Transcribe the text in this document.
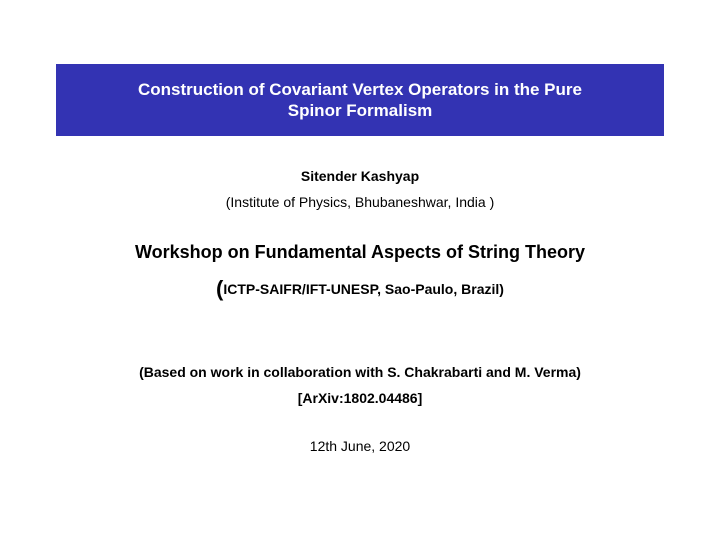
Construction of Covariant Vertex Operators in the Pure
Spinor Formalism
Sitender Kashyap
(Institute of Physics, Bhubaneshwar, India )
Workshop on Fundamental Aspects of String Theory
(ICTP-SAIFR/IFT-UNESP, Sao-Paulo, Brazil)
(Based on work in collaboration with S. Chakrabarti and M. Verma)
[ArXiv:1802.04486]
12th June, 2020
